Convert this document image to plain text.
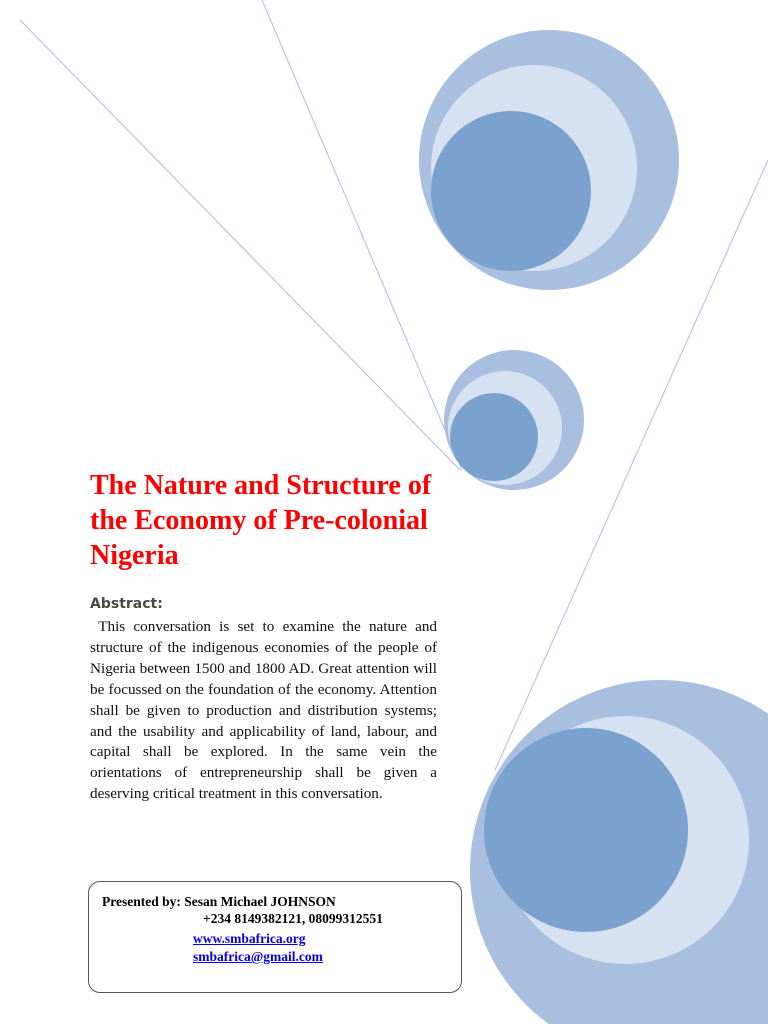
The Nature and Structure of the Economy of Pre-colonial Nigeria

Abstract:

This conversation is set to examine the nature and structure of the indigenous economies of the people of Nigeria between 1500 and 1800 AD. Great attention will be focussed on the foundation of the economy. Attention shall be given to production and distribution systems; and the usability and applicability of land, labour, and capital shall be explored. In the same vein the orientations of entrepreneurship shall be given a deserving critical treatment in this conversation.

Presented by: Sesan Michael JOHNSON
+234 8149382121, 08099312551
www.smbafrica.org
smbafrica@gmail.com
